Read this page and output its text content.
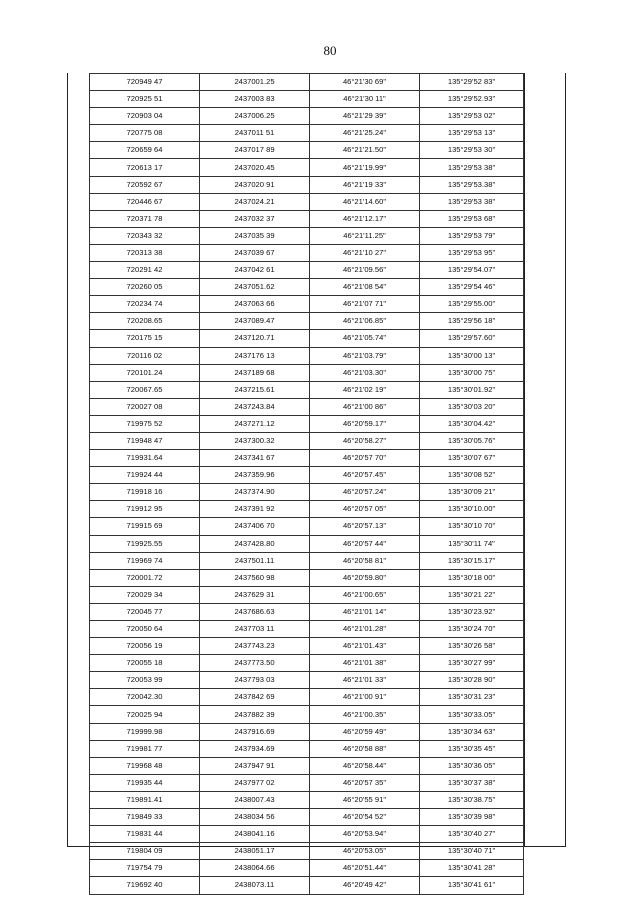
80
720949 47	2437001.25	46°21'30 69"	135°29'52 83"
720925 51	2437003 83	46°21'30 11"	135°29'52.93"
720903 04	2437006.25	46°21'29 39"	135°29'53 02"
720775 08	2437011 51	46°21'25.24"	135°29'53 13"
720659 64	2437017 89	46°21'21.50"	135°29'53 30"
720613 17	2437020.45	46°21'19.99"	135°29'53 38"
720592 67	2437020 91	46°21'19 33"	135°29'53.38"
720446 67	2437024.21	46°21'14.60"	135°29'53 38"
720371 78	2437032 37	46°21'12.17"	135°29'53 68"
720343 32	2437035 39	46°21'11.25"	135°29'53 79"
720313 38	2437039 67	46°21'10 27"	135°29'53 95"
720291 42	2437042 61	46°21'09.56"	135°29'54.07"
720260 05	2437051.62	46°21'08 54"	135°29'54 46"
720234 74	2437063 66	46°21'07 71"	135°29'55.00"
720208.65	2437089.47	46°21'06.85"	135°29'56 18"
720175 15	2437120.71	46°21'05.74"	135°29'57.60"
720116 02	2437176 13	46°21'03.79"	135°30'00 13"
720101.24	2437189 68	46°21'03.30"	135°30'00 75"
720067.65	2437215.61	46°21'02 19"	135°30'01.92"
720027 08	2437243.84	46°21'00 86"	135°30'03 20"
719975 52	2437271.12	46°20'59.17"	135°30'04.42"
719948 47	2437300.32	46°20'58.27"	135°30'05.76"
719931.64	2437341 67	46°20'57 70"	135°30'07 67"
719924 44	2437359.96	46°20'57.45"	135°30'08 52"
719918 16	2437374.90	46°20'57.24"	135°30'09 21"
719912 95	2437391 92	46°20'57 05"	135°30'10.00"
719915 69	2437406 70	46°20'57.13"	135°30'10 70"
719925.55	2437428.80	46°20'57 44"	135°30'11 74"
719969 74	2437501.11	46°20'58 81"	135°30'15.17"
720001.72	2437560 98	46°20'59.80"	135°30'18 00"
720029 34	2437629 31	46°21'00.65"	135°30'21 22"
720045 77	2437686.63	46°21'01 14"	135°30'23.92"
720050 64	2437703 11	46°21'01.28"	135°30'24 70"
720056 19	2437743.23	46°21'01.43"	135°30'26 58"
720055 18	2437773.50	46°21'01 38"	135°30'27 99"
720053 99	2437793 03	46°21'01 33"	135°30'28 90"
720042.30	2437842 69	46°21'00 91"	135°30'31 23"
720025 94	2437882 39	46°21'00.35"	135°30'33.05"
719999.98	2437916.69	46°20'59 49"	135°30'34 63"
719981 77	2437934.69	46°20'58 88"	135°30'35 45"
719968 48	2437947 91	46°20'58.44"	135°30'36 05"
719935 44	2437977 02	46°20'57 35"	135°30'37 38"
719891.41	2438007.43	46°20'55 91"	135°30'38.75"
719849 33	2438034 56	46°20'54 52"	135°30'39 98"
719831 44	2438041.16	46°20'53.94"	135°30'40 27"
719804 09	2438051.17	46°20'53.05"	135°30'40 71"
719754 79	2438064.66	46°20'51.44"	135°30'41 28"
719692 40	2438073.11	46°20'49 42"	135°30'41 61"
